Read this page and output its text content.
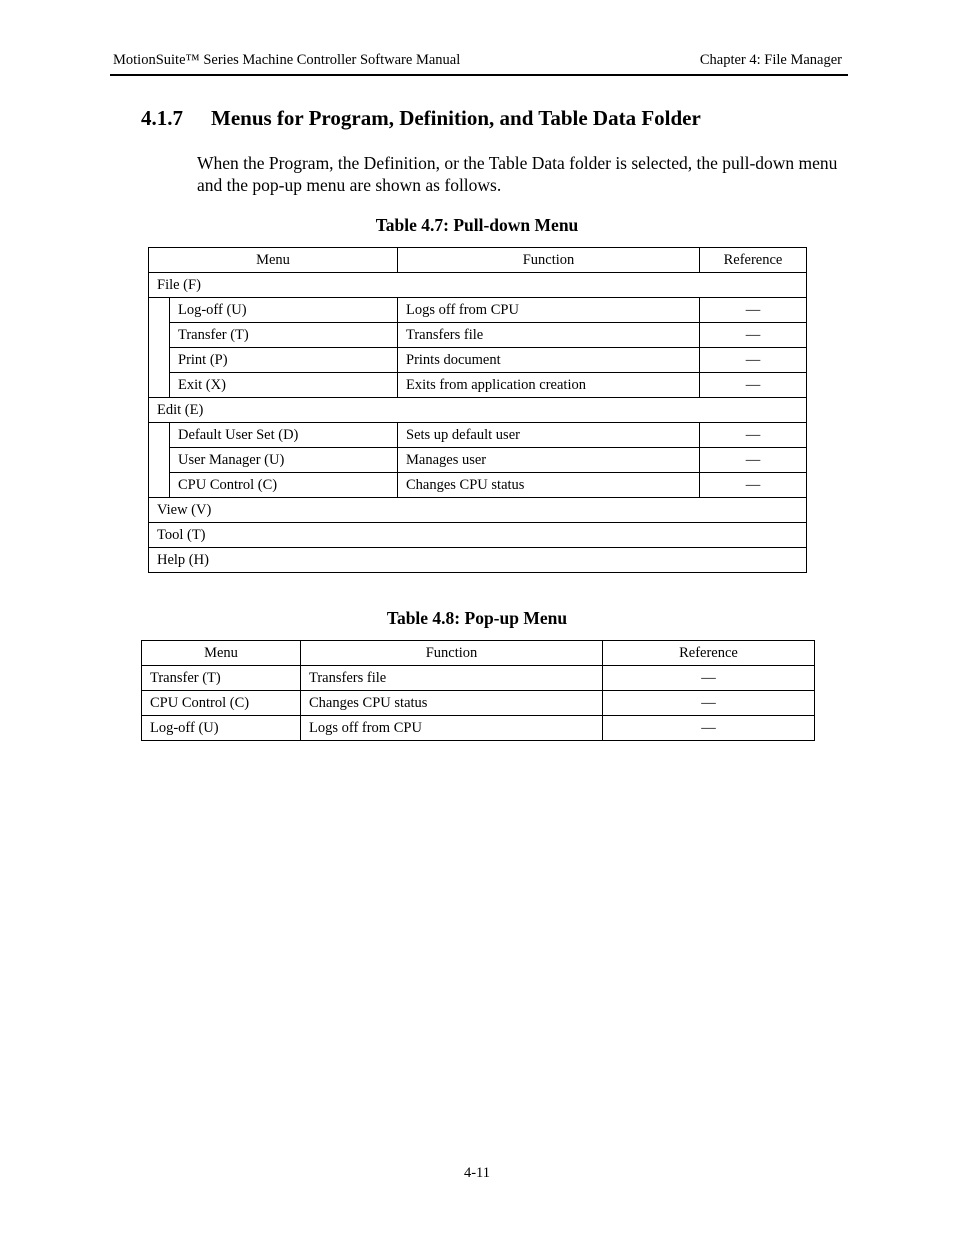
MotionSuite™ Series Machine Controller Software Manual	Chapter 4: File Manager
4.1.7 Menus for Program, Definition, and Table Data Folder
When the Program, the Definition, or the Table Data folder is selected, the pull-down menu and the pop-up menu are shown as follows.
Table 4.7: Pull-down Menu
Menu		Function	Reference
File (F)			
	Log-off (U)	Logs off from CPU	—
	Transfer (T)	Transfers file	—
	Print (P)	Prints document	—
	Exit (X)	Exits from application creation	—
Edit (E)			
	Default User Set (D)	Sets up default user	—
	User Manager (U)	Manages user	—
	CPU Control (C)	Changes CPU status	—
View (V)			
Tool (T)			
Help (H)			
Table 4.8: Pop-up Menu
Menu	Function	Reference
Transfer (T)	Transfers file	—
CPU Control (C)	Changes CPU status	—
Log-off (U)	Logs off from CPU	—
4-11
